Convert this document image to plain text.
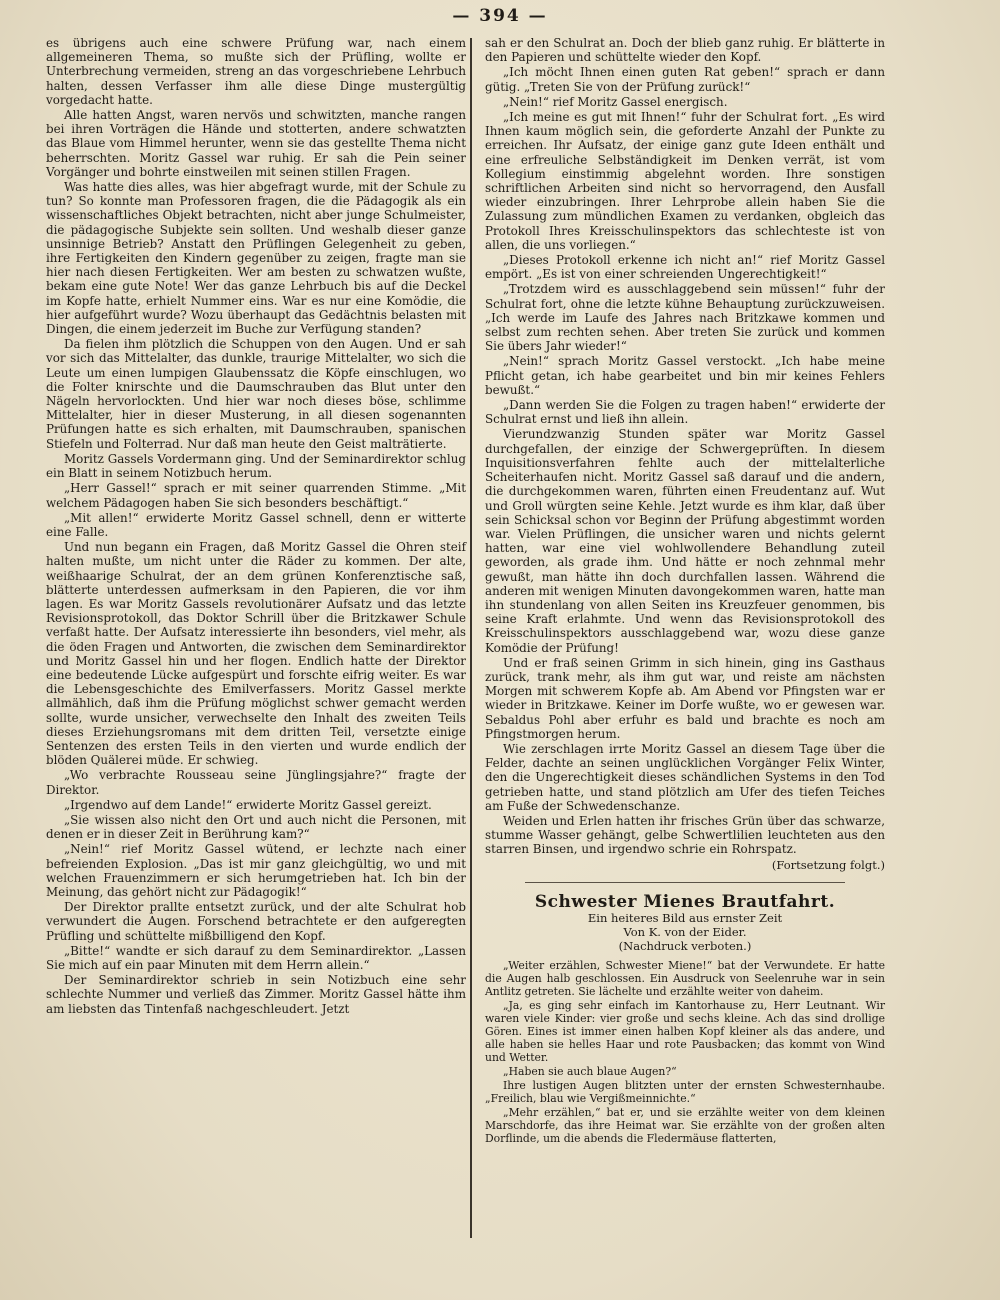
— 394 —

es übrigens auch eine schwere Prüfung war, nach einem allgemeineren Thema, so mußte sich der Prüfling, wollte er Unterbrechung vermeiden, streng an das vorgeschriebene Lehrbuch halten, dessen Verfasser ihm alle diese Dinge mustergültig vorgedacht hatte.

Alle hatten Angst, waren nervös und schwitzten, manche rangen bei ihren Vorträgen die Hände und stotterten, andere schwatzten das Blaue vom Himmel herunter, wenn sie das gestellte Thema nicht beherrschten. Moritz Gassel war ruhig. Er sah die Pein seiner Vorgänger und bohrte einstweilen mit seinen stillen Fragen.

Was hatte dies alles, was hier abgefragt wurde, mit der Schule zu tun? So konnte man Professoren fragen, die die Pädagogik als ein wissenschaftliches Objekt betrachten, nicht aber junge Schulmeister, die pädagogische Subjekte sein sollten. Und weshalb dieser ganze unsinnige Betrieb? Anstatt den Prüflingen Gelegenheit zu geben, ihre Fertigkeiten den Kindern gegenüber zu zeigen, fragte man sie hier nach diesen Fertigkeiten. Wer am besten zu schwatzen wußte, bekam eine gute Note! Wer das ganze Lehrbuch bis auf die Deckel im Kopfe hatte, erhielt Nummer eins. War es nur eine Komödie, die hier aufgeführt wurde? Wozu überhaupt das Gedächtnis belasten mit Dingen, die einem jederzeit im Buche zur Verfügung standen?

Da fielen ihm plötzlich die Schuppen von den Augen. Und er sah vor sich das Mittelalter, das dunkle, traurige Mittelalter, wo sich die Leute um einen lumpigen Glaubenssatz die Köpfe einschlugen, wo die Folter knirschte und die Daumschrauben das Blut unter den Nägeln hervorlockten. Und hier war noch dieses böse, schlimme Mittelalter, hier in dieser Musterung, in all diesen sogenannten Prüfungen hatte es sich erhalten, mit Daumschrauben, spanischen Stiefeln und Folterrad. Nur daß man heute den Geist malträtierte.

Moritz Gassels Vordermann ging. Und der Seminardirektor schlug ein Blatt in seinem Notizbuch herum.

„Herr Gassel!“ sprach er mit seiner quarrenden Stimme. „Mit welchem Pädagogen haben Sie sich besonders beschäftigt.“

„Mit allen!“ erwiderte Moritz Gassel schnell, denn er witterte eine Falle.

Und nun begann ein Fragen, daß Moritz Gassel die Ohren steif halten mußte, um nicht unter die Räder zu kommen. Der alte, weißhaarige Schulrat, der an dem grünen Konferenztische saß, blätterte unterdessen aufmerksam in den Papieren, die vor ihm lagen. Es war Moritz Gassels revolutionärer Aufsatz und das letzte Revisionsprotokoll, das Doktor Schrill über die Britzkawer Schule verfaßt hatte. Der Aufsatz interessierte ihn besonders, viel mehr, als die öden Fragen und Antworten, die zwischen dem Seminardirektor und Moritz Gassel hin und her flogen. Endlich hatte der Direktor eine bedeutende Lücke aufgespürt und forschte eifrig weiter. Es war die Lebensgeschichte des Emilverfassers. Moritz Gassel merkte allmählich, daß ihm die Prüfung möglichst schwer gemacht werden sollte, wurde unsicher, verwechselte den Inhalt des zweiten Teils dieses Erziehungsromans mit dem dritten Teil, versetzte einige Sentenzen des ersten Teils in den vierten und wurde endlich der blöden Quälerei müde. Er schwieg.

„Wo verbrachte Rousseau seine Jünglingsjahre?“ fragte der Direktor.

„Irgendwo auf dem Lande!“ erwiderte Moritz Gassel gereizt.

„Sie wissen also nicht den Ort und auch nicht die Personen, mit denen er in dieser Zeit in Berührung kam?“

„Nein!“ rief Moritz Gassel wütend, er lechzte nach einer befreienden Explosion. „Das ist mir ganz gleichgültig, wo und mit welchen Frauenzimmern er sich herumgetrieben hat. Ich bin der Meinung, das gehört nicht zur Pädagogik!“

Der Direktor prallte entsetzt zurück, und der alte Schulrat hob verwundert die Augen. Forschend betrachtete er den aufgeregten Prüfling und schüttelte mißbilligend den Kopf.

„Bitte!“ wandte er sich darauf zu dem Seminardirektor. „Lassen Sie mich auf ein paar Minuten mit dem Herrn allein.“

Der Seminardirektor schrieb in sein Notizbuch eine sehr schlechte Nummer und verließ das Zimmer. Moritz Gassel hätte ihm am liebsten das Tintenfaß nachgeschleudert. Jetzt

sah er den Schulrat an. Doch der blieb ganz ruhig. Er blätterte in den Papieren und schüttelte wieder den Kopf.

„Ich möcht Ihnen einen guten Rat geben!“ sprach er dann gütig. „Treten Sie von der Prüfung zurück!“

„Nein!“ rief Moritz Gassel energisch.

„Ich meine es gut mit Ihnen!“ fuhr der Schulrat fort. „Es wird Ihnen kaum möglich sein, die geforderte Anzahl der Punkte zu erreichen. Ihr Aufsatz, der einige ganz gute Ideen enthält und eine erfreuliche Selbständigkeit im Denken verrät, ist vom Kollegium einstimmig abgelehnt worden. Ihre sonstigen schriftlichen Arbeiten sind nicht so hervorragend, den Ausfall wieder einzubringen. Ihrer Lehrprobe allein haben Sie die Zulassung zum mündlichen Examen zu verdanken, obgleich das Protokoll Ihres Kreisschulinspektors das schlechteste ist von allen, die uns vorliegen.“

„Dieses Protokoll erkenne ich nicht an!“ rief Moritz Gassel empört. „Es ist von einer schreienden Ungerechtigkeit!“

„Trotzdem wird es ausschlaggebend sein müssen!“ fuhr der Schulrat fort, ohne die letzte kühne Behauptung zurückzuweisen. „Ich werde im Laufe des Jahres nach Britzkawe kommen und selbst zum rechten sehen. Aber treten Sie zurück und kommen Sie übers Jahr wieder!“

„Nein!“ sprach Moritz Gassel verstockt. „Ich habe meine Pflicht getan, ich habe gearbeitet und bin mir keines Fehlers bewußt.“

„Dann werden Sie die Folgen zu tragen haben!“ erwiderte der Schulrat ernst und ließ ihn allein.

Vierundzwanzig Stunden später war Moritz Gassel durchgefallen, der einzige der Schwergeprüften. In diesem Inquisitionsverfahren fehlte auch der mittelalterliche Scheiterhaufen nicht. Moritz Gassel saß darauf und die andern, die durchgekommen waren, führten einen Freudentanz auf. Wut und Groll würgten seine Kehle. Jetzt wurde es ihm klar, daß über sein Schicksal schon vor Beginn der Prüfung abgestimmt worden war. Vielen Prüflingen, die unsicher waren und nichts gelernt hatten, war eine viel wohlwollendere Behandlung zuteil geworden, als grade ihm. Und hätte er noch zehnmal mehr gewußt, man hätte ihn doch durchfallen lassen. Während die anderen mit wenigen Minuten davongekommen waren, hatte man ihn stundenlang von allen Seiten ins Kreuzfeuer genommen, bis seine Kraft erlahmte. Und wenn das Revisionsprotokoll des Kreisschulinspektors ausschlaggebend war, wozu diese ganze Komödie der Prüfung!

Und er fraß seinen Grimm in sich hinein, ging ins Gasthaus zurück, trank mehr, als ihm gut war, und reiste am nächsten Morgen mit schwerem Kopfe ab. Am Abend vor Pfingsten war er wieder in Britzkawe. Keiner im Dorfe wußte, wo er gewesen war. Sebaldus Pohl aber erfuhr es bald und brachte es noch am Pfingstmorgen herum.

Wie zerschlagen irrte Moritz Gassel an diesem Tage über die Felder, dachte an seinen unglücklichen Vorgänger Felix Winter, den die Ungerechtigkeit dieses schändlichen Systems in den Tod getrieben hatte, und stand plötzlich am Ufer des tiefen Teiches am Fuße der Schwedenschanze.

Weiden und Erlen hatten ihr frisches Grün über das schwarze, stumme Wasser gehängt, gelbe Schwertlilien leuchteten aus den starren Binsen, und irgendwo schrie ein Rohrspatz.

(Fortsetzung folgt.)

Schwester Mienes Brautfahrt.
Ein heiteres Bild aus ernster Zeit
Von K. von der Eider.
(Nachdruck verboten.)

„Weiter erzählen, Schwester Miene!“ bat der Verwundete. Er hatte die Augen halb geschlossen. Ein Ausdruck von Seelenruhe war in sein Antlitz getreten. Sie lächelte und erzählte weiter von daheim.

„Ja, es ging sehr einfach im Kantorhause zu, Herr Leutnant. Wir waren viele Kinder: vier große und sechs kleine. Ach das sind drollige Gören. Eines ist immer einen halben Kopf kleiner als das andere, und alle haben sie helles Haar und rote Pausbacken; das kommt von Wind und Wetter.

„Haben sie auch blaue Augen?“

Ihre lustigen Augen blitzten unter der ernsten Schwesternhaube. „Freilich, blau wie Vergißmeinnichte.“

„Mehr erzählen,“ bat er, und sie erzählte weiter von dem kleinen Marschdorfe, das ihre Heimat war. Sie erzählte von der großen alten Dorflinde, um die abends die Fledermäuse flatterten,
